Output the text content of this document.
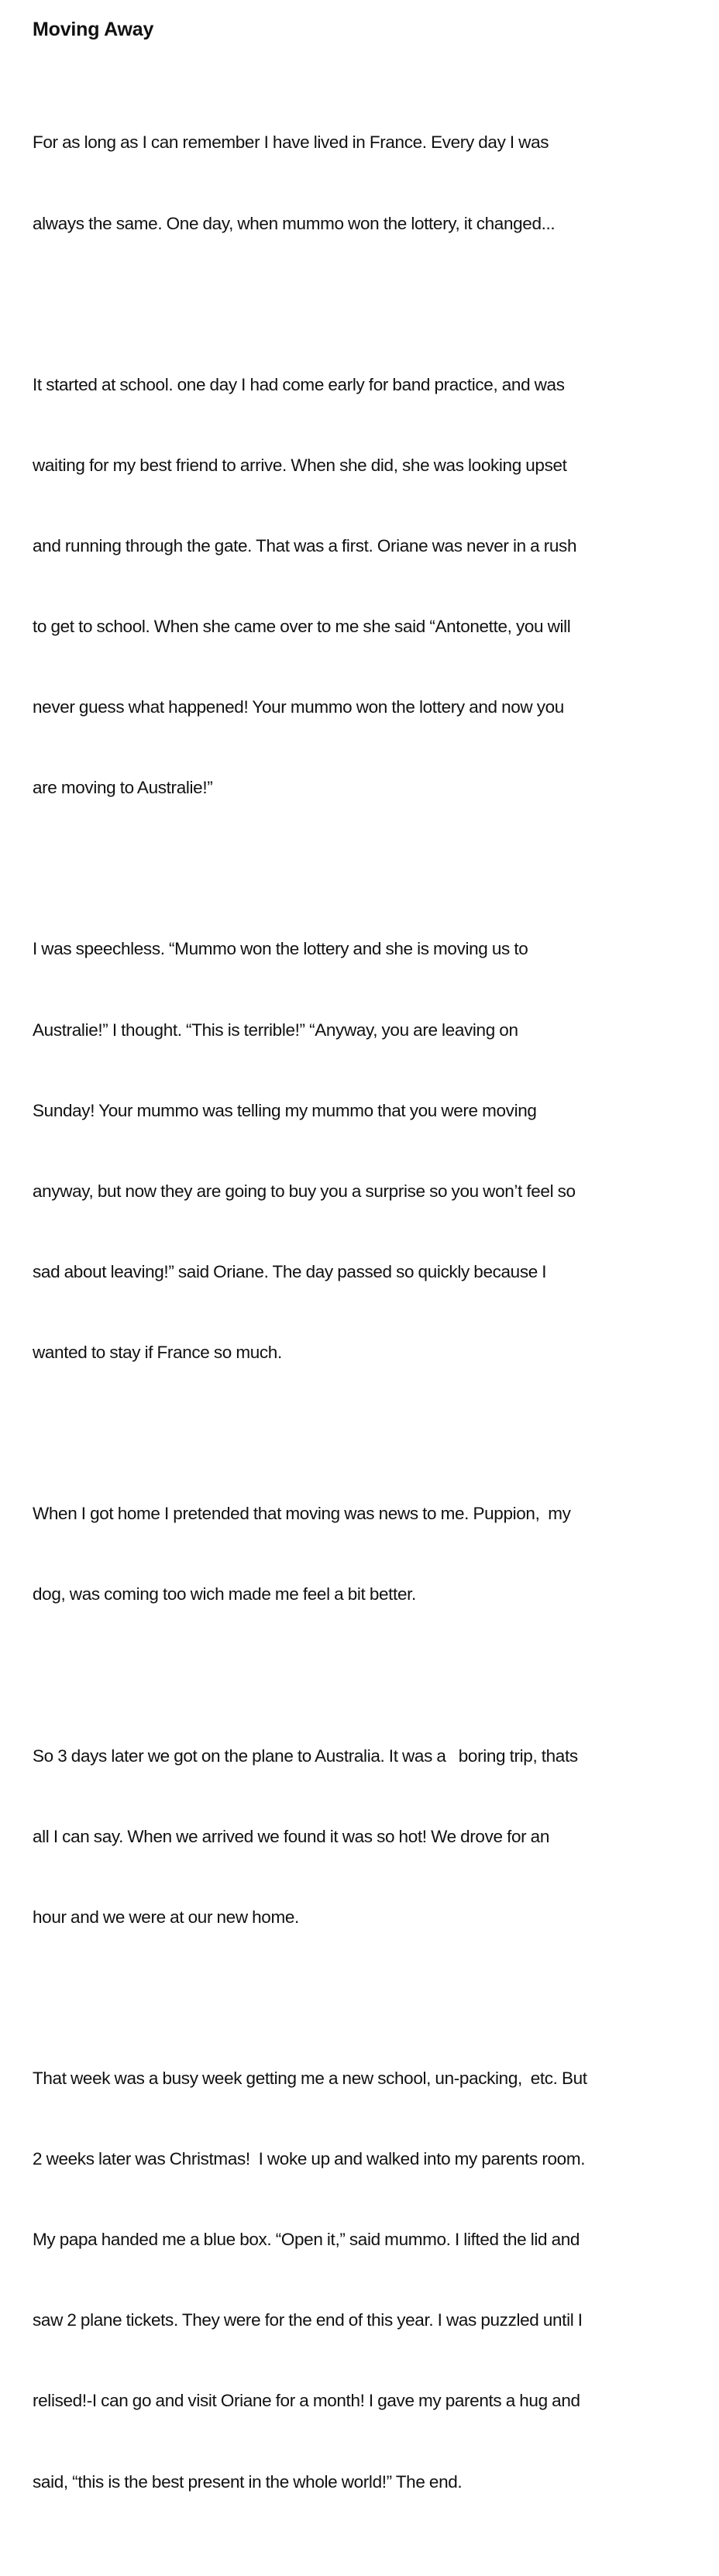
Moving Away

For as long as I can remember I have lived in France. Every day I was

always the same. One day, when mummo won the lottery, it changed...

It started at school. one day I had come early for band practice, and was

waiting for my best friend to arrive. When she did, she was looking upset

and running through the gate. That was a first. Oriane was never in a rush

to get to school. When she came over to me she said “Antonette, you will

never guess what happened! Your mummo won the lottery and now you

are moving to Australie!”

I was speechless. “Mummo won the lottery and she is moving us to

Australie!” I thought. “This is terrible!” “Anyway, you are leaving on

Sunday! Your mummo was telling my mummo that you were moving

anyway, but now they are going to buy you a surprise so you won’t feel so

sad about leaving!” said Oriane. The day passed so quickly because I

wanted to stay if France so much.

When I got home I pretended that moving was news to me. Puppion,  my

dog, was coming too wich made me feel a bit better.

So 3 days later we got on the plane to Australia. It was a   boring trip, thats

all I can say. When we arrived we found it was so hot! We drove for an

hour and we were at our new home.

That week was a busy week getting me a new school, un-packing,  etc. But

2 weeks later was Christmas!  I woke up and walked into my parents room.

My papa handed me a blue box. “Open it,” said mummo. I lifted the lid and

saw 2 plane tickets. They were for the end of this year. I was puzzled until I

relised!-I can go and visit Oriane for a month! I gave my parents a hug and

said, “this is the best present in the whole world!” The end.
